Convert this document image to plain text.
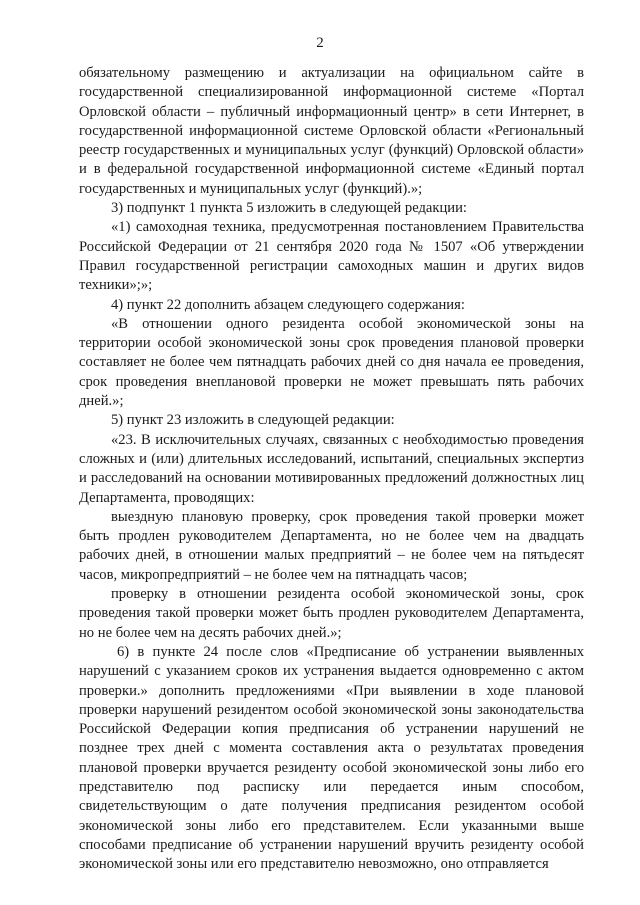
2

обязательному размещению и актуализации на официальном сайте в государственной специализированной информационной системе «Портал Орловской области – публичный информационный центр» в сети Интернет, в государственной информационной системе Орловской области «Региональный реестр государственных и муниципальных услуг (функций) Орловской области» и в федеральной государственной информационной системе «Единый портал государственных и муниципальных услуг (функций).»;

3) подпункт 1 пункта 5 изложить в следующей редакции:

«1) самоходная техника, предусмотренная постановлением Правительства Российской Федерации от 21 сентября 2020 года № 1507 «Об утверждении Правил государственной регистрации самоходных машин и других видов техники»;»;

4) пункт 22 дополнить абзацем следующего содержания:

«В отношении одного резидента особой экономической зоны на территории особой экономической зоны срок проведения плановой проверки составляет не более чем пятнадцать рабочих дней со дня начала ее проведения, срок проведения внеплановой проверки не может превышать пять рабочих дней.»;

5) пункт 23 изложить в следующей редакции:

«23. В исключительных случаях, связанных с необходимостью проведения сложных и (или) длительных исследований, испытаний, специальных экспертиз и расследований на основании мотивированных предложений должностных лиц Департамента, проводящих:

выездную плановую проверку, срок проведения такой проверки может быть продлен руководителем Департамента, но не более чем на двадцать рабочих дней, в отношении малых предприятий – не более чем на пятьдесят часов, микропредприятий – не более чем на пятнадцать часов;

проверку в отношении резидента особой экономической зоны, срок проведения такой проверки может быть продлен руководителем Департамента, но не более чем на десять рабочих дней.»;

6) в пункте 24 после слов «Предписание об устранении выявленных нарушений с указанием сроков их устранения выдается одновременно с актом проверки.» дополнить предложениями «При выявлении в ходе плановой проверки нарушений резидентом особой экономической зоны законодательства Российской Федерации копия предписания об устранении нарушений не позднее трех дней с момента составления акта о результатах проведения плановой проверки вручается резиденту особой экономической зоны либо его представителю под расписку или передается иным способом, свидетельствующим о дате получения предписания резидентом особой экономической зоны либо его представителем. Если указанными выше способами предписание об устранении нарушений вручить резиденту особой экономической зоны или его представителю невозможно, оно отправляется
